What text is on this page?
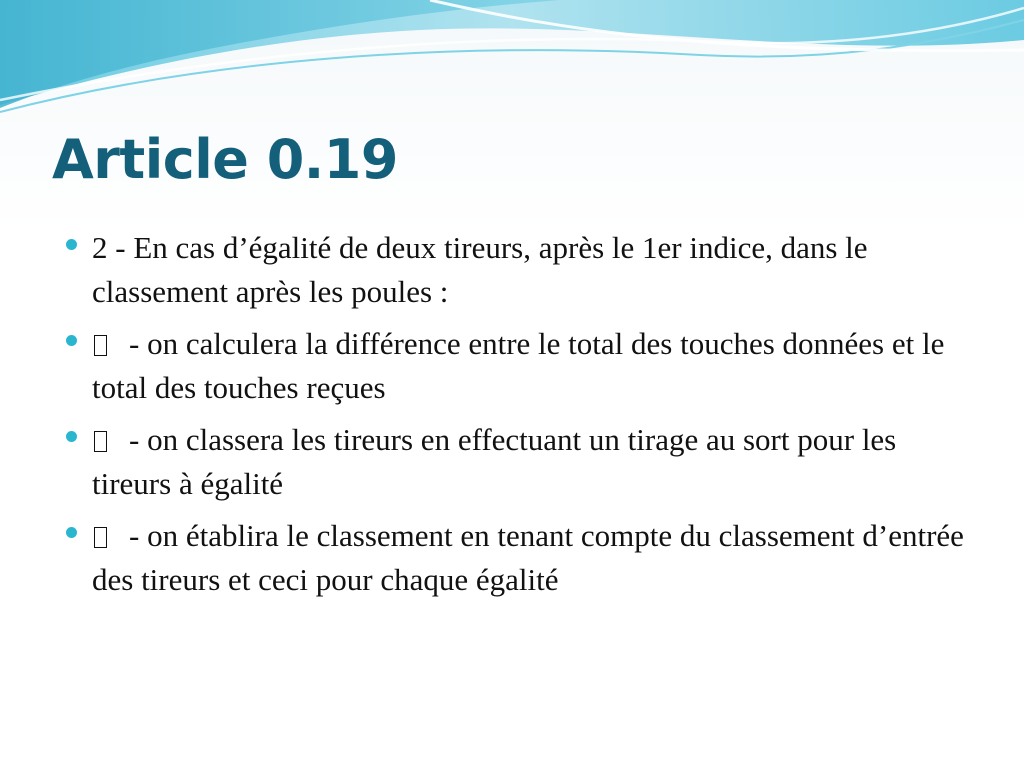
Article 0.19
2 - En cas d’égalité de deux tireurs, après le 1er indice, dans le classement après les poules :
- on calculera la différence entre le total des touches données et le total des touches reçues
- on classera les tireurs en effectuant un tirage au sort pour les tireurs à égalité
- on établira le classement en tenant compte du classement d’entrée des tireurs et ceci pour chaque égalité
